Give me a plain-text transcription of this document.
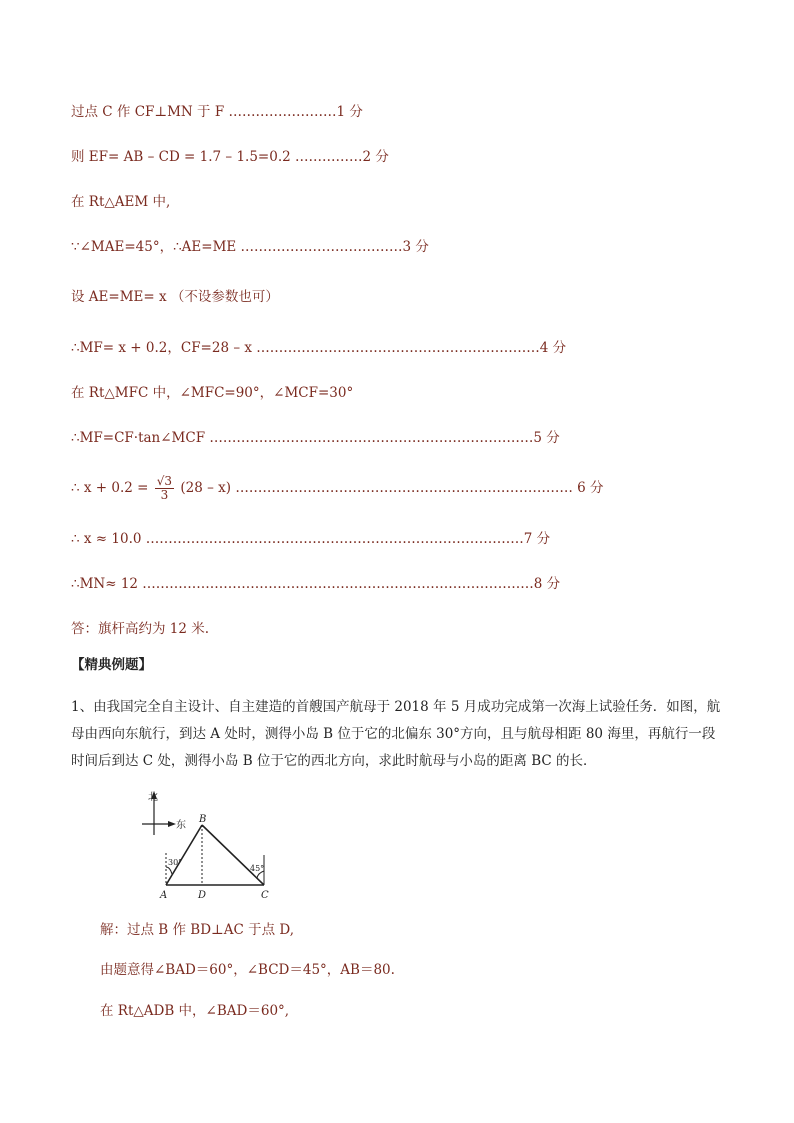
过点 C 作 CF⊥MN 于 F ……………………1 分
则 EF= AB – CD = 1.7 – 1.5=0.2 ……………2 分
在 Rt△AEM 中,
∵∠MAE=45°，∴AE=ME ………………………………3 分
设 AE=ME= x （不设参数也可）
∴MF= x + 0.2，CF=28 – x ………………………………………………………4 分
在 Rt△MFC 中，∠MFC=90°，∠MCF=30°
∴MF=CF·tan∠MCF ………………………………………………………………5 分
∴ $x + 0.2 = \frac{√3}{3} (28 - x)$ ………………………………………………………………… 6 分
∴ x ≈ 10.0 …………………………………………………………………………7 分
∴MN≈ 12 ……………………………………………………………………………8 分
答：旗杆高约为 12 米.
【精典例题】
1、由我国完全自主设计、自主建造的首艘国产航母于 2018 年 5 月成功完成第一次海上试验任务．如图，航母由西向东航行，到达 A 处时，测得小岛 B 位于它的北偏东 30°方向，且与航母相距 80 海里，再航行一段时间后到达 C 处，测得小岛 B 位于它的西北方向，求此时航母与小岛的距离 BC 的长．
北
东
30°
45°
B
A	D	C
解：过点 B 作 BD⊥AC 于点 D,
由题意得∠BAD＝60°，∠BCD＝45°，AB＝80.
在 Rt△ADB 中，∠BAD＝60°,
